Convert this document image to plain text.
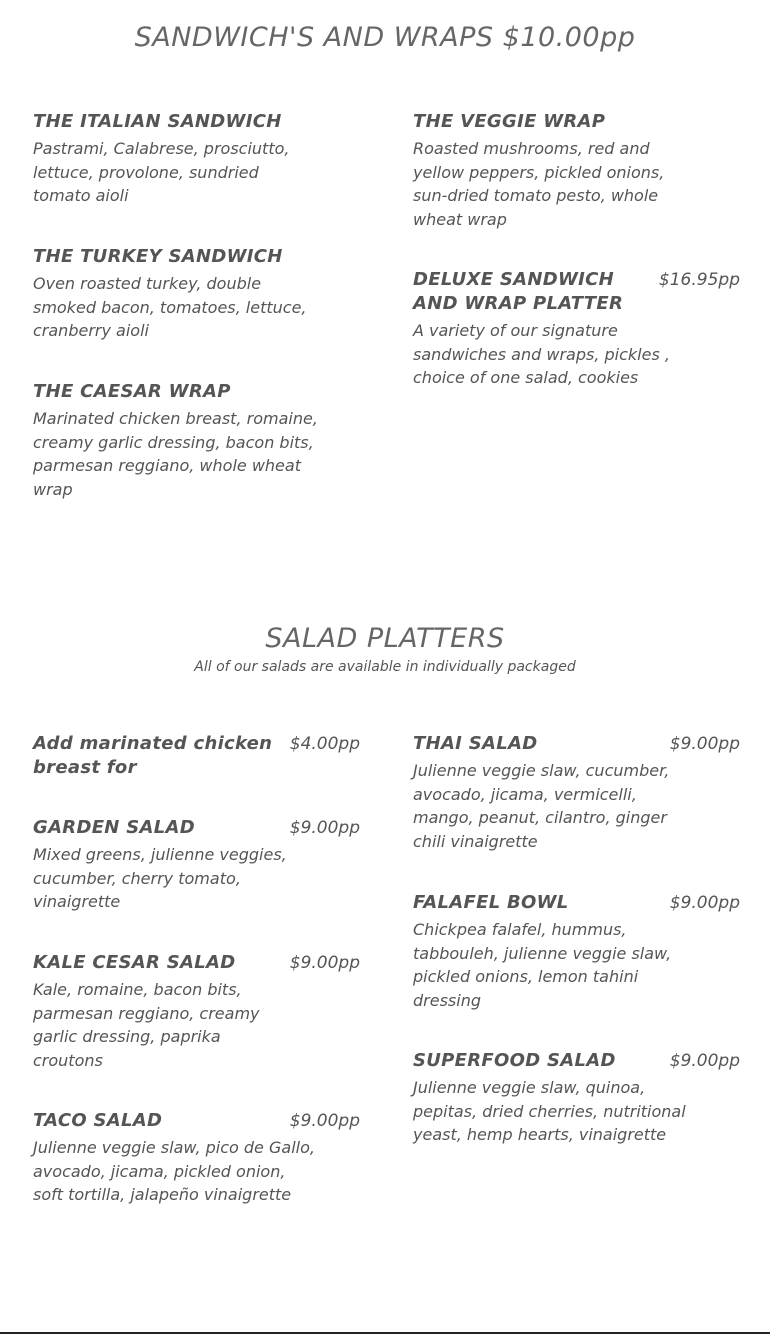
SANDWICH'S AND WRAPS $10.00pp
THE ITALIAN SANDWICH
Pastrami, Calabrese, prosciutto, lettuce, provolone, sundried tomato aioli
THE TURKEY SANDWICH
Oven roasted turkey, double smoked bacon, tomatoes, lettuce, cranberry aioli
THE CAESAR WRAP
Marinated chicken breast, romaine, creamy garlic dressing, bacon bits, parmesan reggiano, whole wheat wrap
THE VEGGIE WRAP
Roasted mushrooms, red and yellow peppers, pickled onions, sun-dried tomato pesto, whole wheat wrap
DELUXE SANDWICH AND WRAP PLATTER
$16.95pp
A variety of our signature sandwiches and wraps, pickles , choice of one salad, cookies
SALAD PLATTERS

All of our salads are available in individually packaged

Add marinated chicken breast for
$4.00pp
GARDEN SALAD	$9.00pp
Mixed greens, julienne veggies, cucumber, cherry tomato, vinaigrette
KALE CESAR SALAD	$9.00pp
Kale, romaine, bacon bits, parmesan reggiano, creamy garlic dressing, paprika croutons
TACO SALAD	$9.00pp
Julienne veggie slaw, pico de Gallo, avocado, jicama, pickled onion, soft tortilla, jalapeño vinaigrette
THAI SALAD	$9.00pp
Julienne veggie slaw, cucumber, avocado, jicama, vermicelli, mango, peanut, cilantro, ginger chili vinaigrette
FALAFEL BOWL	$9.00pp
Chickpea falafel, hummus, tabbouleh, julienne veggie slaw, pickled onions, lemon tahini dressing
SUPERFOOD SALAD	$9.00pp
Julienne veggie slaw, quinoa, pepitas, dried cherries, nutritional yeast, hemp hearts, vinaigrette
